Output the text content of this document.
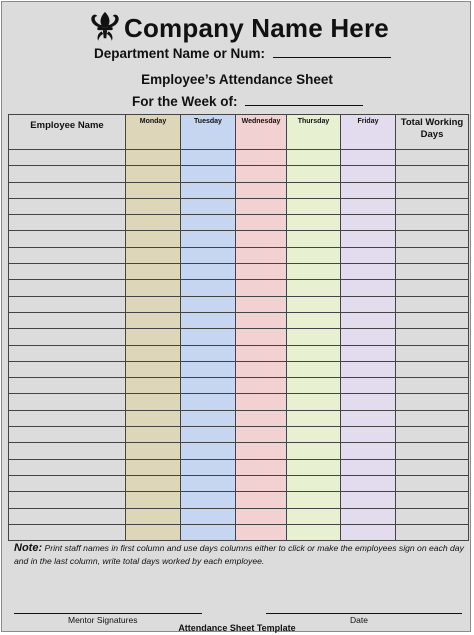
Company Name Here
Department Name or Num:
Employee’s Attendance Sheet
For the Week of:
Employee Name	Monday	Tuesday	Wednesday	Thursday	Friday	Total Working Days

Note: Print staff names in first column and use days columns either to click or make the employees sign on each day and in the last column, write total days worked by each employee.
Mentor Signatures	Date
Attendance Sheet Template
